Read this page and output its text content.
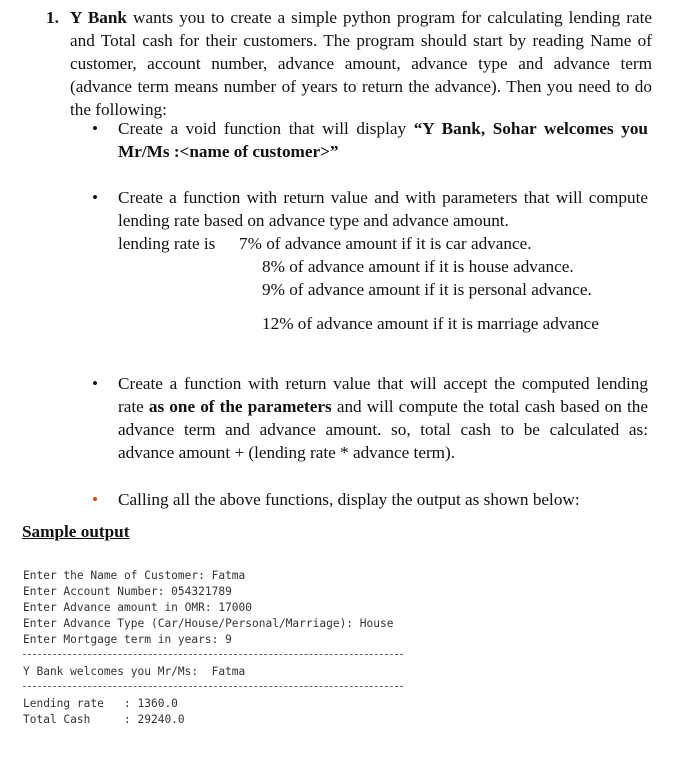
1. Y Bank wants you to create a simple python program for calculating lending rate and Total cash for their customers. The program should start by reading Name of customer, account number, advance amount, advance type and advance term (advance term means number of years to return the advance). Then you need to do the following:
• Create a void function that will display “Y Bank, Sohar welcomes you Mr/Ms :<name of customer>”
• Create a function with return value and with parameters that will compute lending rate based on advance type and advance amount.
lending rate is 7% of advance amount if it is car advance.
8% of advance amount if it is house advance.
9% of advance amount if it is personal advance.
12% of advance amount if it is marriage advance
• Create a function with return value that will accept the computed lending rate as one of the parameters and will compute the total cash based on the advance term and advance amount. so, total cash to be calculated as: advance amount + (lending rate * advance term).
• Calling all the above functions, display the output as shown below:
Sample output
Enter the Name of Customer: Fatma
Enter Account Number: 054321789
Enter Advance amount in OMR: 17000
Enter Advance Type (Car/House/Personal/Marriage): House
Enter Mortgage term in years: 9
Y Bank welcomes you Mr/Ms:  Fatma
Lending rate   : 1360.0
Total Cash     : 29240.0
